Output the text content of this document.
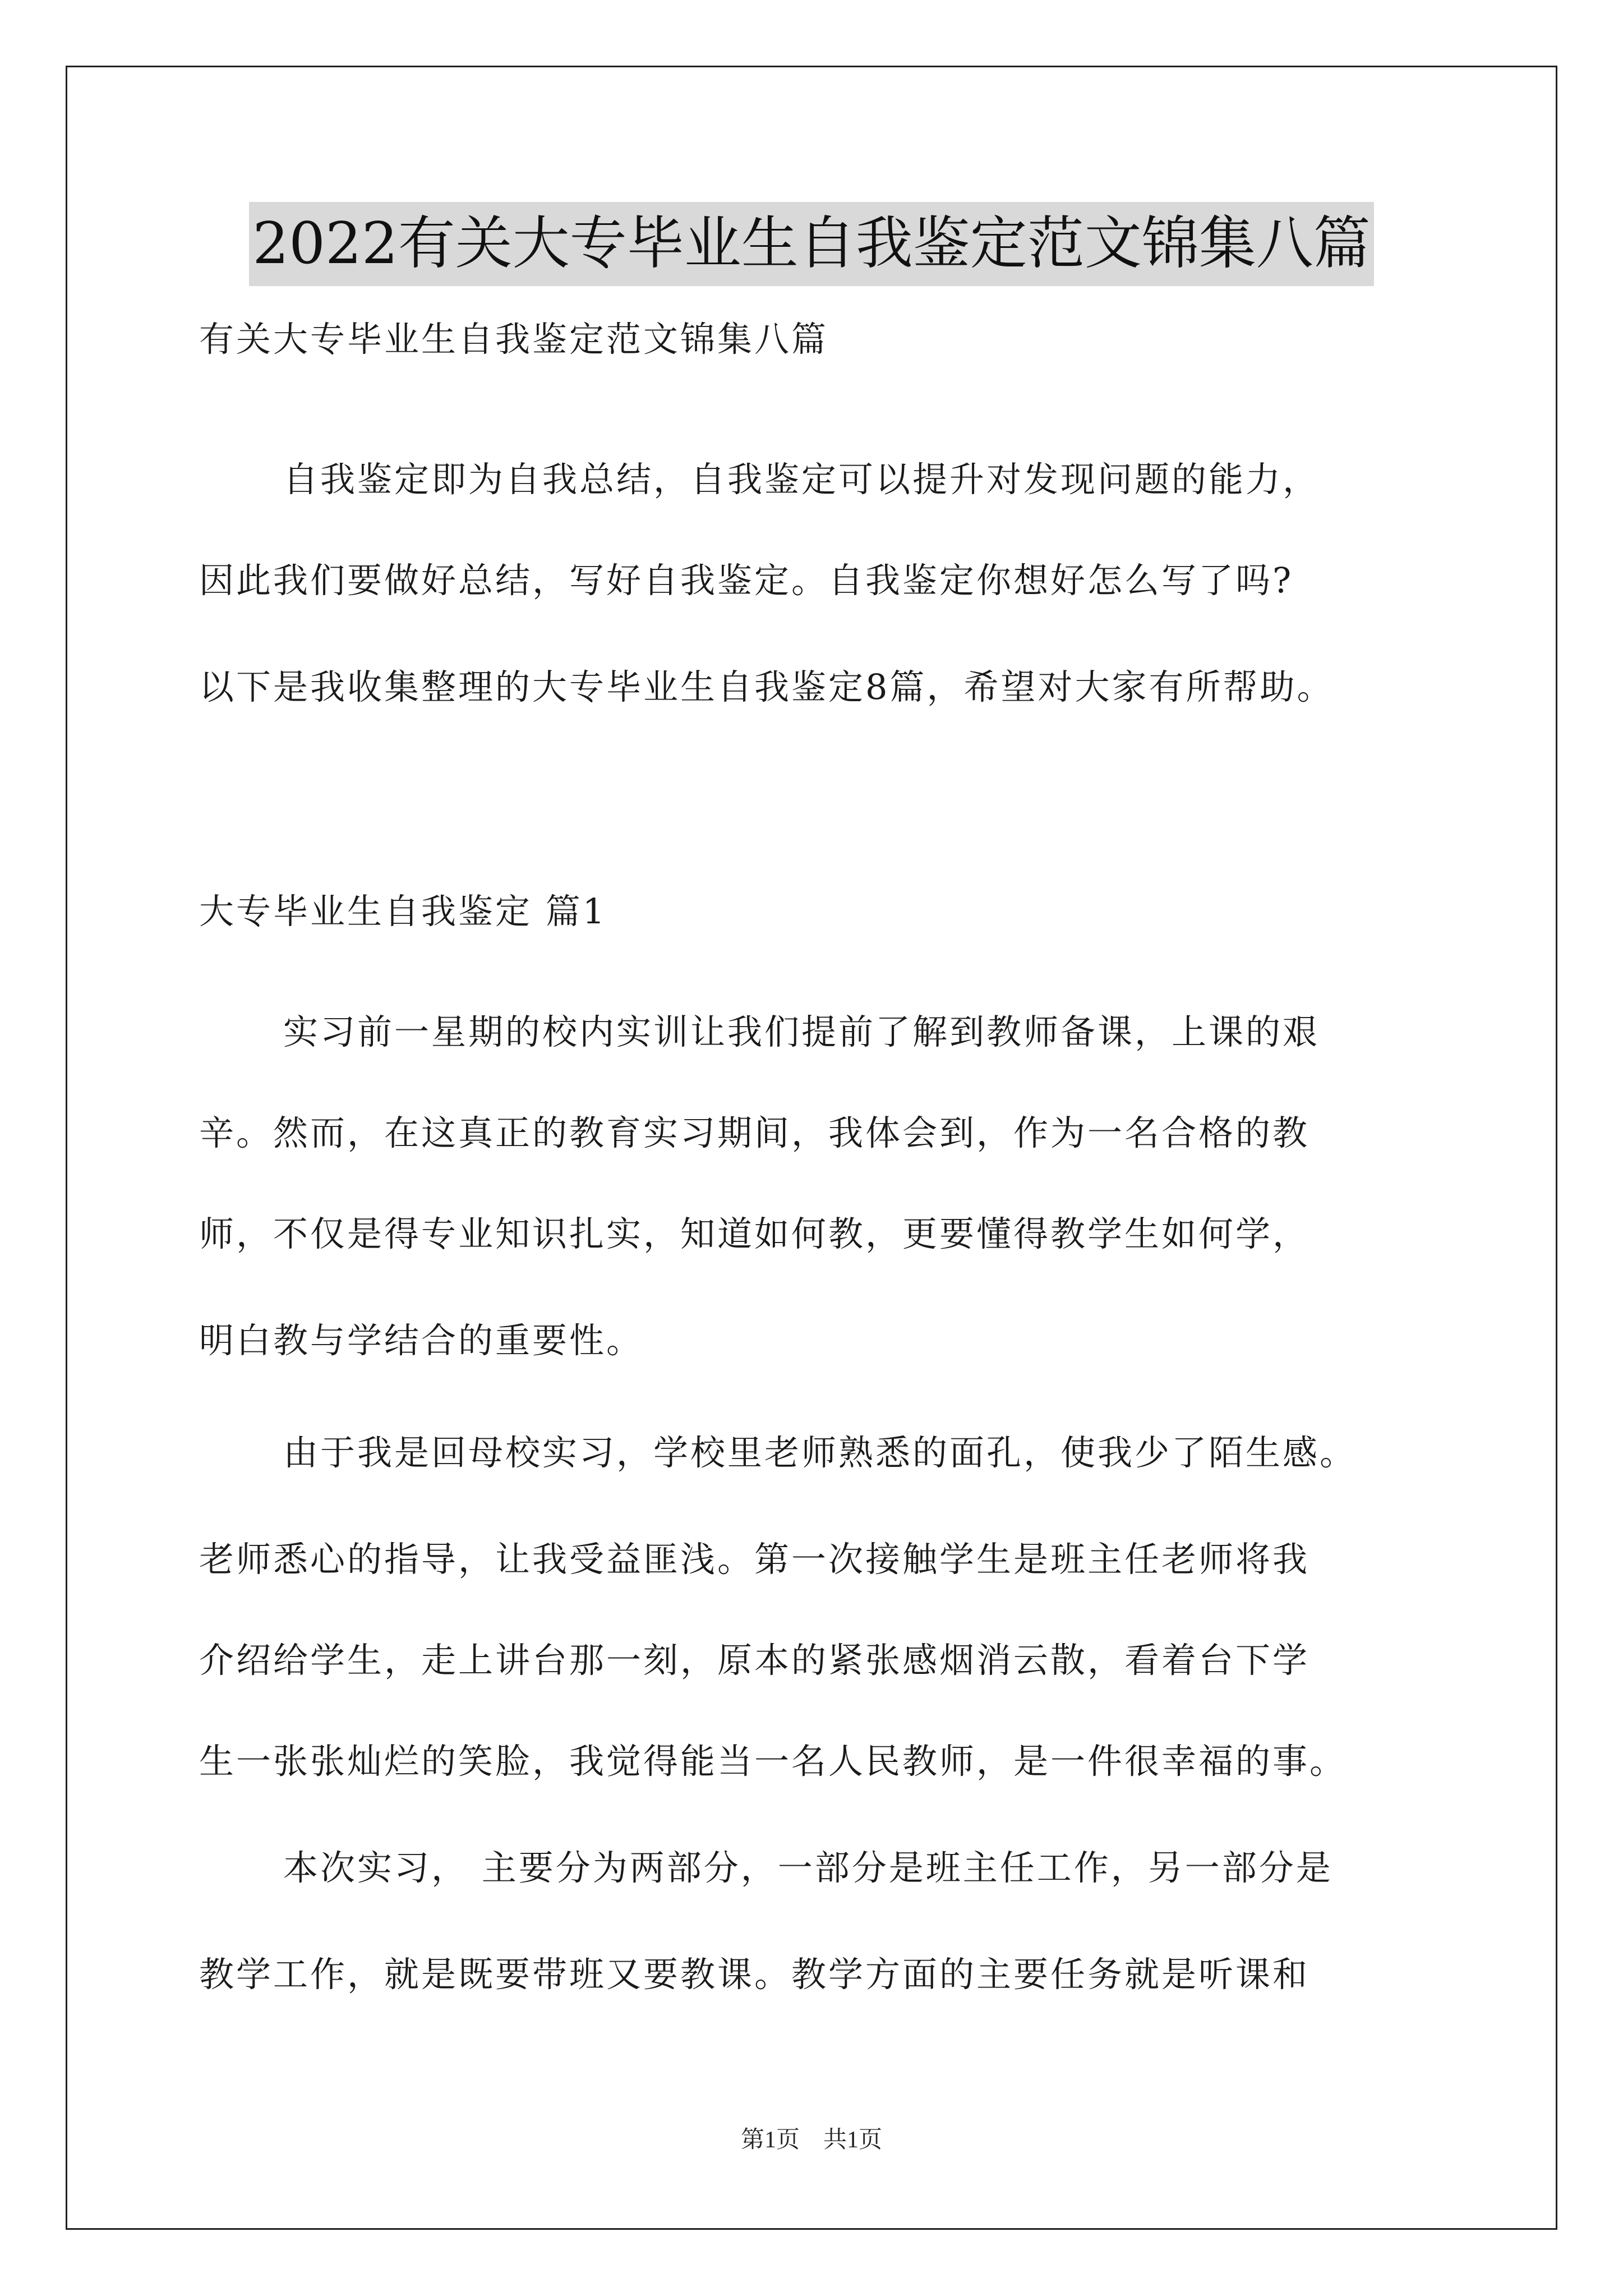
2022有关大专毕业生自我鉴定范文锦集八篇

有关大专毕业生自我鉴定范文锦集八篇

自我鉴定即为自我总结，自我鉴定可以提升对发现问题的能力，

因此我们要做好总结，写好自我鉴定。自我鉴定你想好怎么写了吗?

以下是我收集整理的大专毕业生自我鉴定8篇，希望对大家有所帮助。

大专毕业生自我鉴定 篇1

实习前一星期的校内实训让我们提前了解到教师备课，上课的艰

辛。然而，在这真正的教育实习期间，我体会到，作为一名合格的教

师，不仅是得专业知识扎实，知道如何教，更要懂得教学生如何学，

明白教与学结合的重要性。

由于我是回母校实习，学校里老师熟悉的面孔，使我少了陌生感。

老师悉心的指导，让我受益匪浅。第一次接触学生是班主任老师将我

介绍给学生，走上讲台那一刻，原本的紧张感烟消云散，看着台下学

生一张张灿烂的笑脸，我觉得能当一名人民教师，是一件很幸福的事。

本次实习， 主要分为两部分，一部分是班主任工作，另一部分是

教学工作，就是既要带班又要教课。教学方面的主要任务就是听课和

第1页　共1页
